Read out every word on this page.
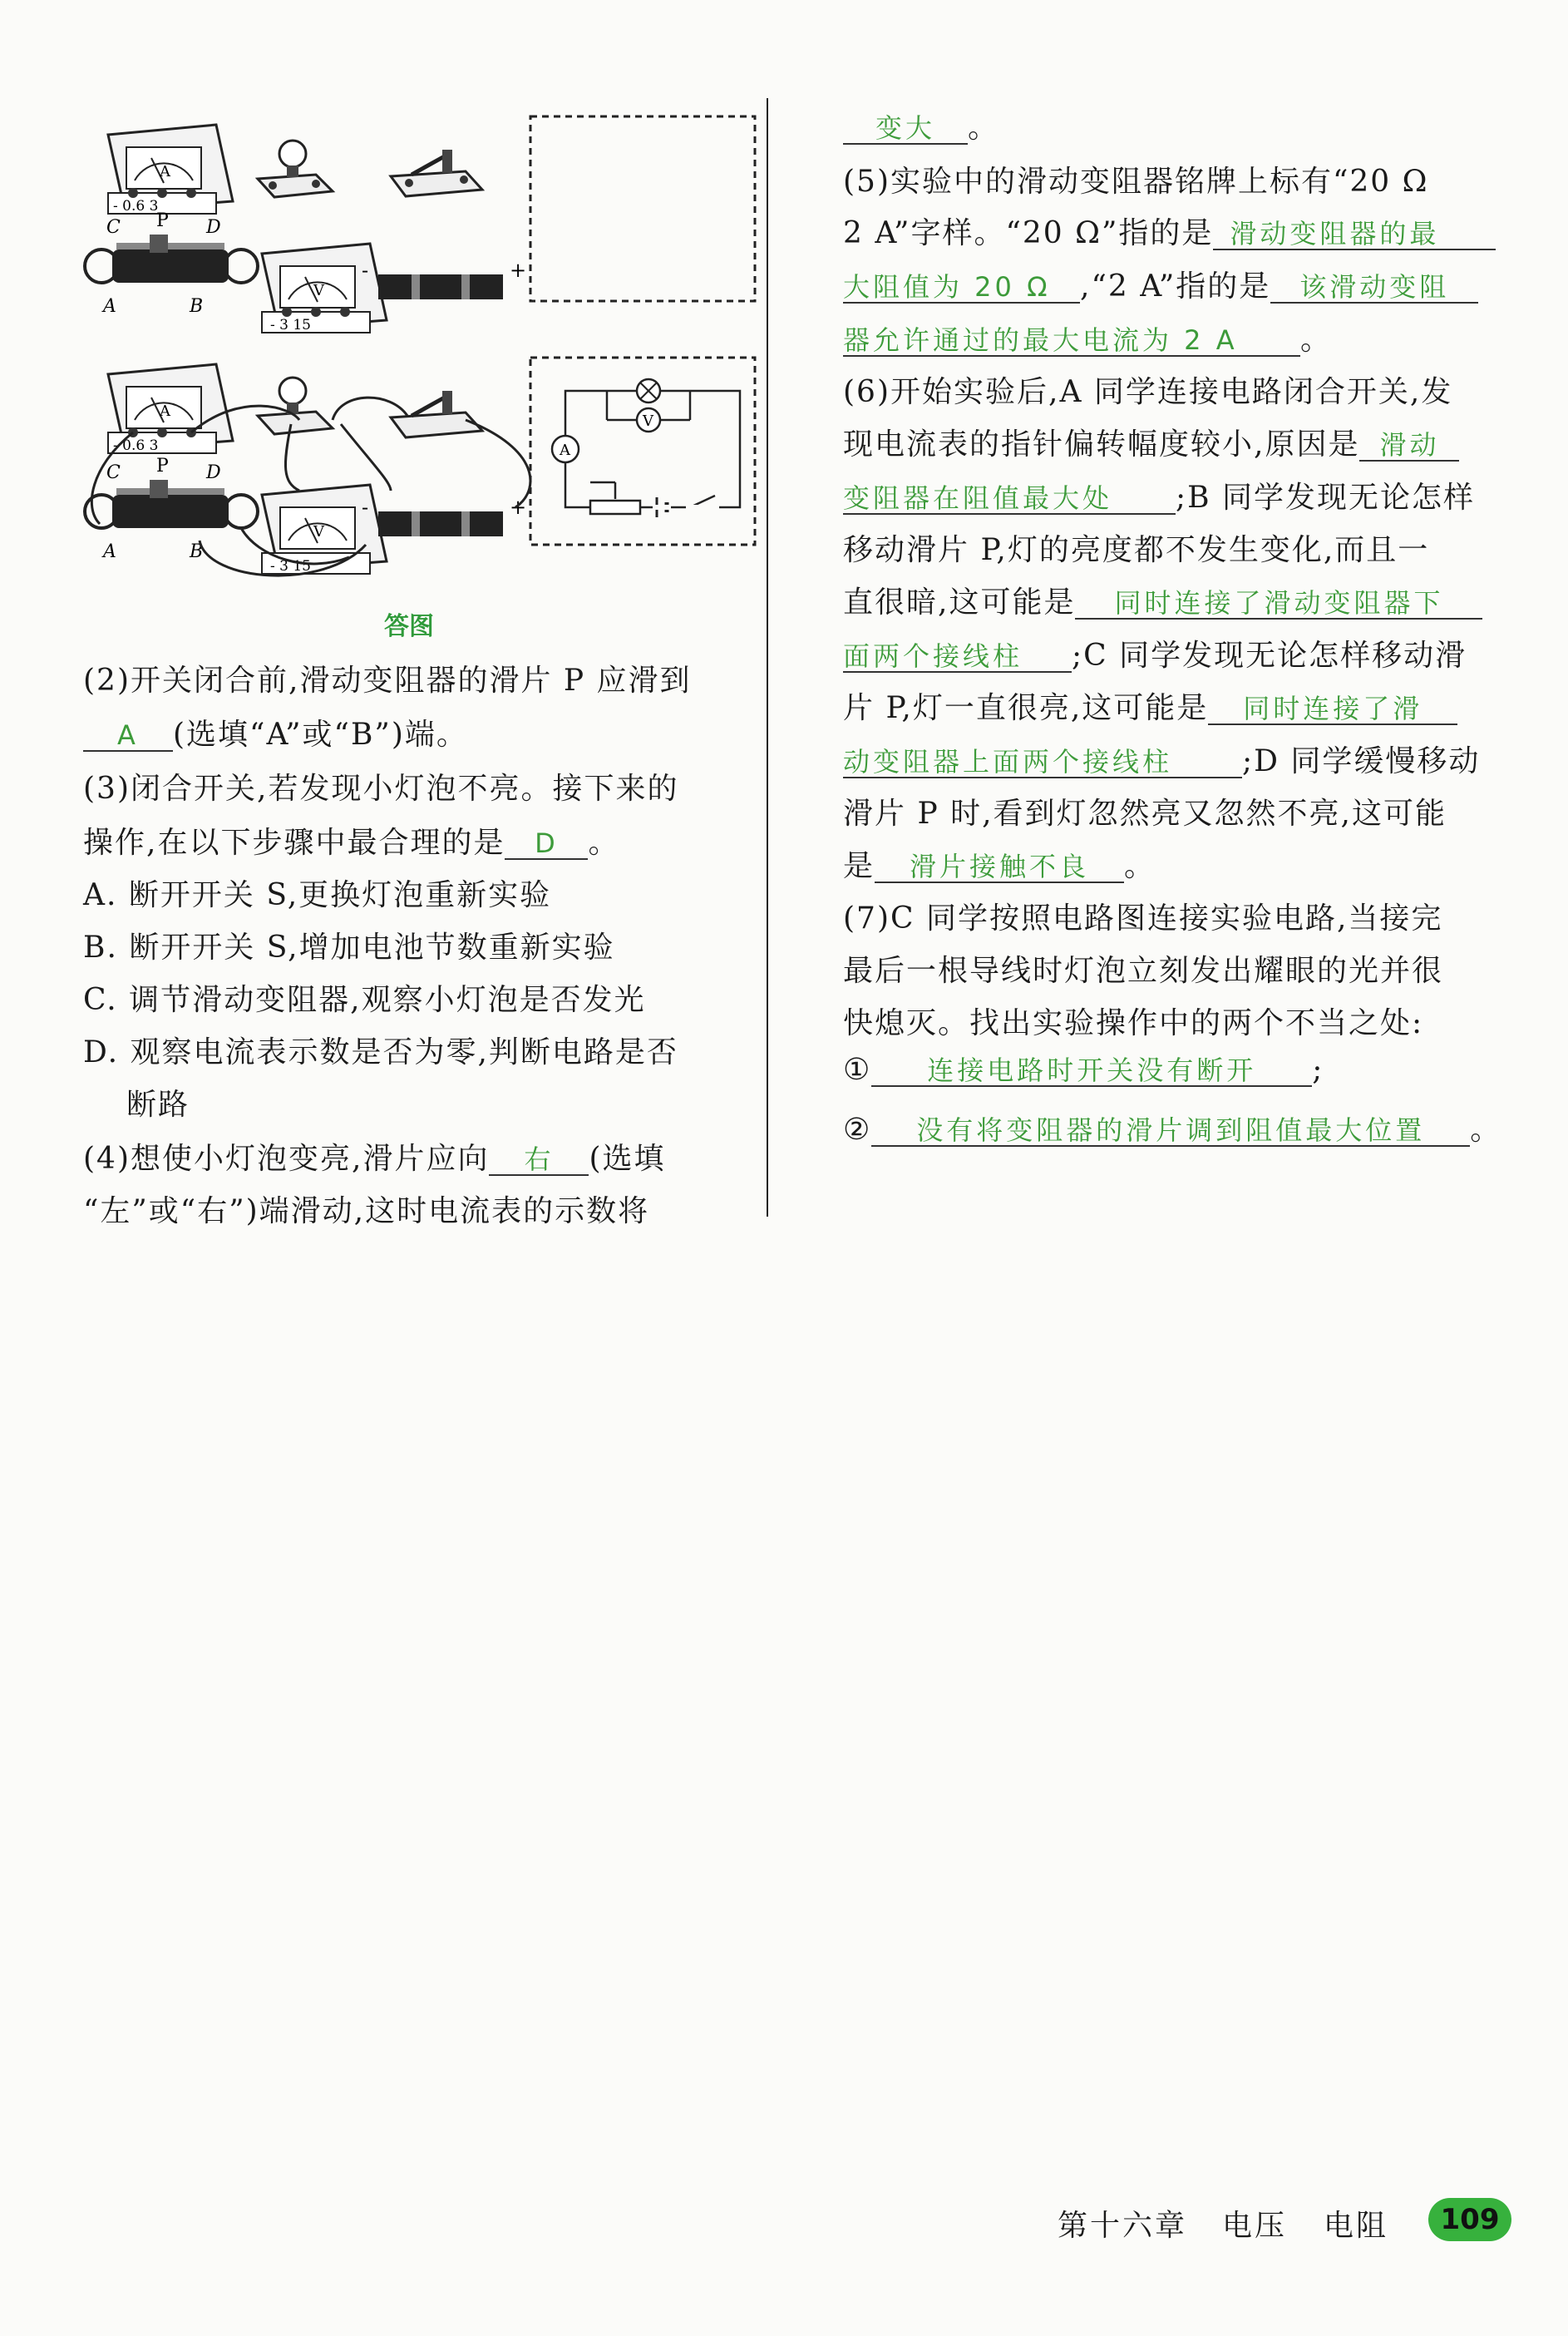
A
- 0.6 3
C P D
A	B
V
- 3 15
-	+
A
- 0.6 3
C P D
A	B
V
- 3 15
-	+
A
V
答图
(2)开关闭合前,滑动变阻器的滑片 P 应滑到
A (选填“A”或“B”)端。
(3)闭合开关,若发现小灯泡不亮。接下来的
操作,在以下步骤中最合理的是 D 。
A. 断开开关 S,更换灯泡重新实验
B. 断开开关 S,增加电池节数重新实验
C. 调节滑动变阻器,观察小灯泡是否发光
D. 观察电流表示数是否为零,判断电路是否
断路
(4)想使小灯泡变亮,滑片应向 右 (选填
“左”或“右”)端滑动,这时电流表的示数将
变大 。
(5)实验中的滑动变阻器铭牌上标有“20 Ω
2 A”字样。“20 Ω”指的是 滑动变阻器的最
大阻值为 20 Ω ,“2 A”指的是 该滑动变阻
器允许通过的最大电流为 2 A 。
(6)开始实验后,A 同学连接电路闭合开关,发
现电流表的指针偏转幅度较小,原因是 滑动
变阻器在阻值最大处 ;B 同学发现无论怎样
移动滑片 P,灯的亮度都不发生变化,而且一
直很暗,这可能是 同时连接了滑动变阻器下
面两个接线柱 ;C 同学发现无论怎样移动滑
片 P,灯一直很亮,这可能是 同时连接了滑
动变阻器上面两个接线柱 ;D 同学缓慢移动
滑片 P 时,看到灯忽然亮又忽然不亮,这可能
是 滑片接触不良 。
(7)C 同学按照电路图连接实验电路,当接完
最后一根导线时灯泡立刻发出耀眼的光并很
快熄灭。找出实验操作中的两个不当之处:
① 连接电路时开关没有断开 ;
② 没有将变阻器的滑片调到阻值最大位置 。
第十六章 电压 电阻	109
